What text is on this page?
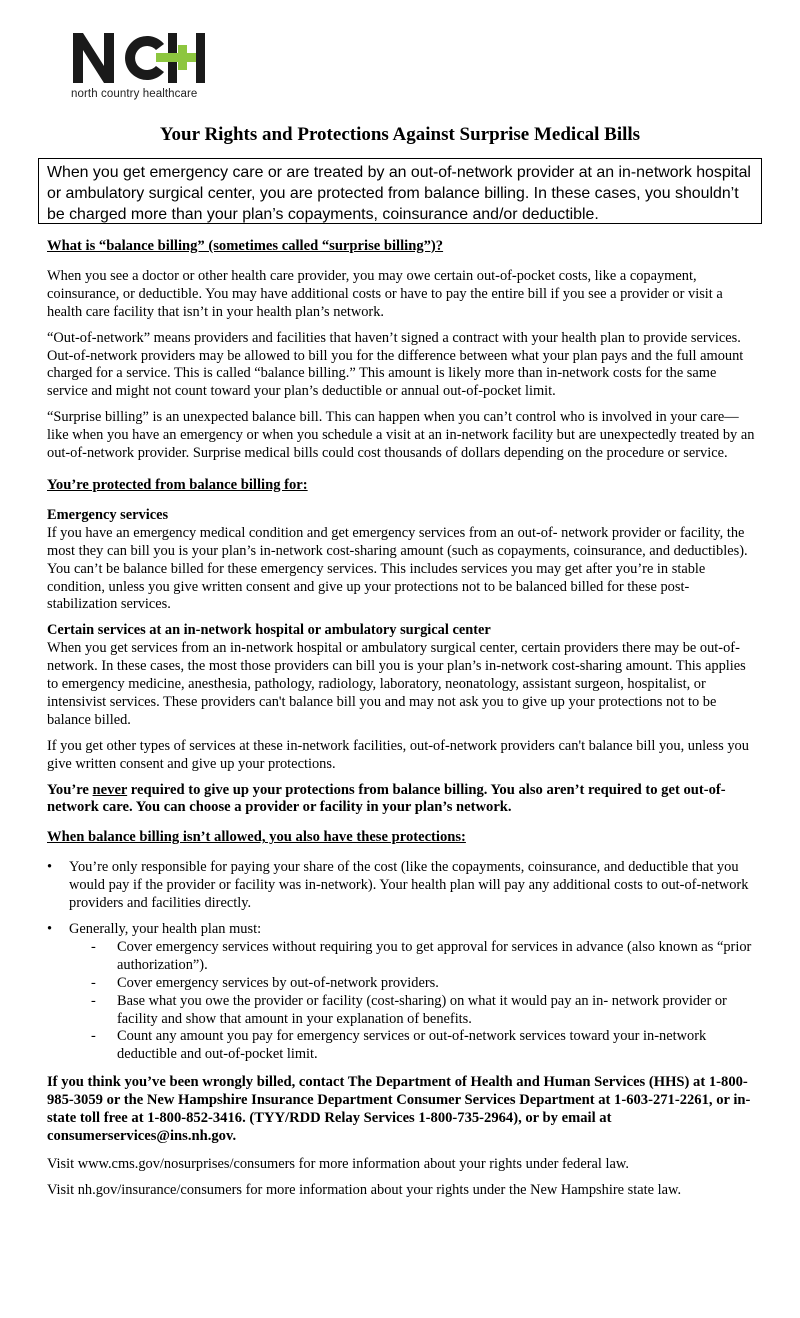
north country healthcare
Your Rights and Protections Against Surprise Medical Bills
When you get emergency care or are treated by an out-of-network provider at an in-network hospital or ambulatory surgical center, you are protected from balance billing. In these cases, you shouldn’t be charged more than your plan’s copayments, coinsurance and/or deductible.
What is “balance billing” (sometimes called “surprise billing”)?

When you see a doctor or other health care provider, you may owe certain out-of-pocket costs, like a copayment, coinsurance, or deductible. You may have additional costs or have to pay the entire bill if you see a provider or visit a health care facility that isn’t in your health plan’s network.

“Out-of-network” means providers and facilities that haven’t signed a contract with your health plan to provide services. Out-of-network providers may be allowed to bill you for the difference between what your plan pays and the full amount charged for a service. This is called “balance billing.” This amount is likely more than in-network costs for the same service and might not count toward your plan’s deductible or annual out-of-pocket limit.

“Surprise billing” is an unexpected balance bill. This can happen when you can’t control who is involved in your care—like when you have an emergency or when you schedule a visit at an in-network facility but are unexpectedly treated by an out-of-network provider. Surprise medical bills could cost thousands of dollars depending on the procedure or service.

You’re protected from balance billing for:
Emergency services
If you have an emergency medical condition and get emergency services from an out-of- network provider or facility, the most they can bill you is your plan’s in-network cost-sharing amount (such as copayments, coinsurance, and deductibles). You can’t be balance billed for these emergency services. This includes services you may get after you’re in stable condition, unless you give written consent and give up your protections not to be balanced billed for these post-stabilization services.
Certain services at an in-network hospital or ambulatory surgical center
When you get services from an in-network hospital or ambulatory surgical center, certain providers there may be out-of-network. In these cases, the most those providers can bill you is your plan’s in-network cost-sharing amount. This applies to emergency medicine, anesthesia, pathology, radiology, laboratory, neonatology, assistant surgeon, hospitalist, or intensivist services. These providers can't balance bill you and may not ask you to give up your protections not to be balance billed.

If you get other types of services at these in-network facilities, out-of-network providers can't balance bill you, unless you give written consent and give up your protections.

You’re never required to give up your protections from balance billing. You also aren’t required to get out-of-network care. You can choose a provider or facility in your plan’s network.

When balance billing isn’t allowed, you also have these protections:
•	You’re only responsible for paying your share of the cost (like the copayments, coinsurance, and deductible that you would pay if the provider or facility was in-network). Your health plan will pay any additional costs to out-of-network providers and facilities directly.
•	Generally, your health plan must:
-	Cover emergency services without requiring you to get approval for services in advance (also known as “prior authorization”).
-	Cover emergency services by out-of-network providers.
-	Base what you owe the provider or facility (cost-sharing) on what it would pay an in- network provider or facility and show that amount in your explanation of benefits.
-	Count any amount you pay for emergency services or out-of-network services toward your in-network deductible and out-of-pocket limit.

If you think you’ve been wrongly billed, contact The Department of Health and Human Services (HHS) at 1-800-985-3059 or the New Hampshire Insurance Department Consumer Services Department at 1-603-271-2261, or in-state toll free at 1-800-852-3416. (TYY/RDD Relay Services 1-800-735-2964), or by email at consumerservices@ins.nh.gov.

Visit www.cms.gov/nosurprises/consumers for more information about your rights under federal law.

Visit nh.gov/insurance/consumers for more information about your rights under the New Hampshire state law.
